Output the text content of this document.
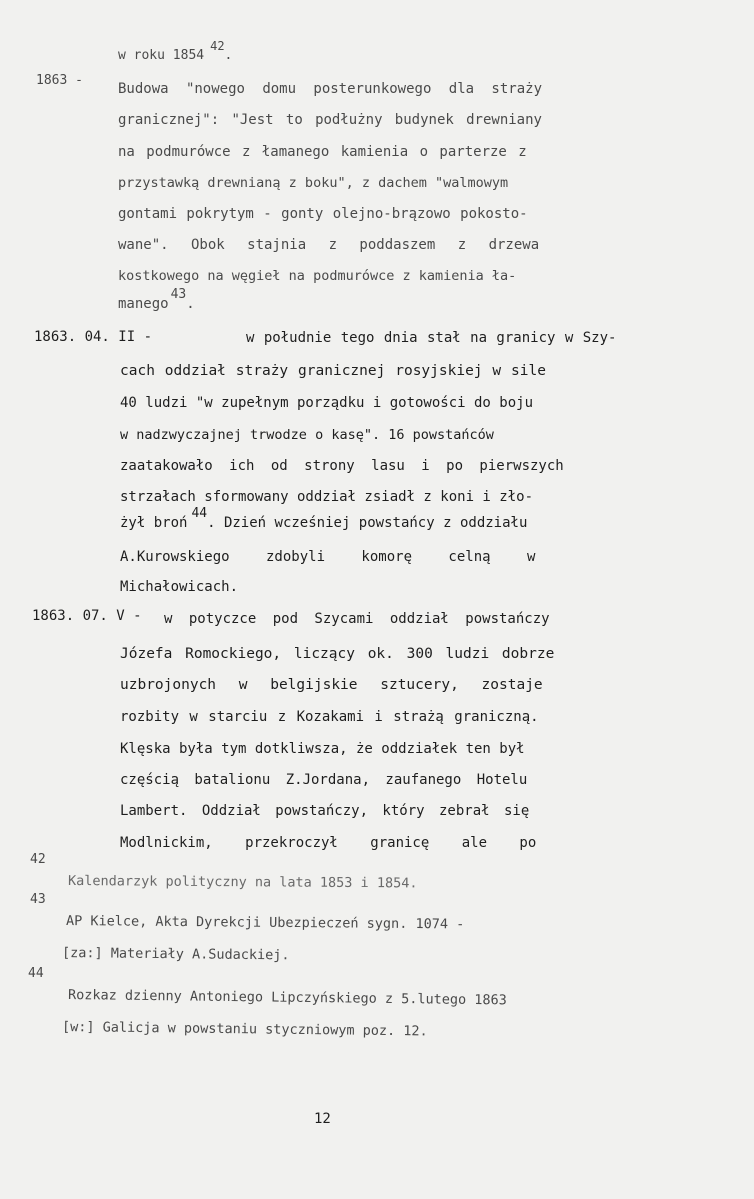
w roku 185442.
1863 -
Budowa "nowego domu posterunkowego dla straży
granicznej": "Jest to podłużny budynek drewniany
na podmurówce z łamanego kamienia o parterze z
przystawką drewnianą z boku", z dachem "walmowym
gontami pokrytym - gonty olejno-brązowo pokosto-
wane". Obok stajnia z poddaszem z drzewa
kostkowego na węgieł na podmurówce z kamienia ła-
manego43.
1863. 04. II -	w południe tego dnia stał na granicy w Szy-
cach oddział straży granicznej rosyjskiej w sile
40 ludzi "w zupełnym porządku i gotowości do boju
w nadzwyczajnej trwodze o kasę". 16 powstańców
zaatakowało ich od strony lasu i po pierwszych
strzałach sformowany oddział zsiadł z koni i zło-
żył broń44. Dzień wcześniej powstańcy z oddziału
A.Kurowskiego zdobyli komorę celną w
Michałowicach.
1863. 07. V - w potyczce pod Szycami oddział powstańczy
Józefa Romockiego, liczący ok. 300 ludzi dobrze
uzbrojonych w belgijskie sztucery, zostaje
rozbity w starciu z Kozakami i strażą graniczną.
Klęska była tym dotkliwsza, że oddziałek ten był
częścią batalionu Z.Jordana, zaufanego Hotelu
Lambert. Oddział powstańczy, który zebrał się
Modlnickim, przekroczył granicę ale po
42
Kalendarzyk polityczny na lata 1853 i 1854.
43
AP Kielce, Akta Dyrekcji Ubezpieczeń sygn. 1074 -
[za:] Materiały A.Sudackiej.
44
Rozkaz dzienny Antoniego Lipczyńskiego z 5.lutego 1863
[w:] Galicja w powstaniu styczniowym poz. 12.
12
